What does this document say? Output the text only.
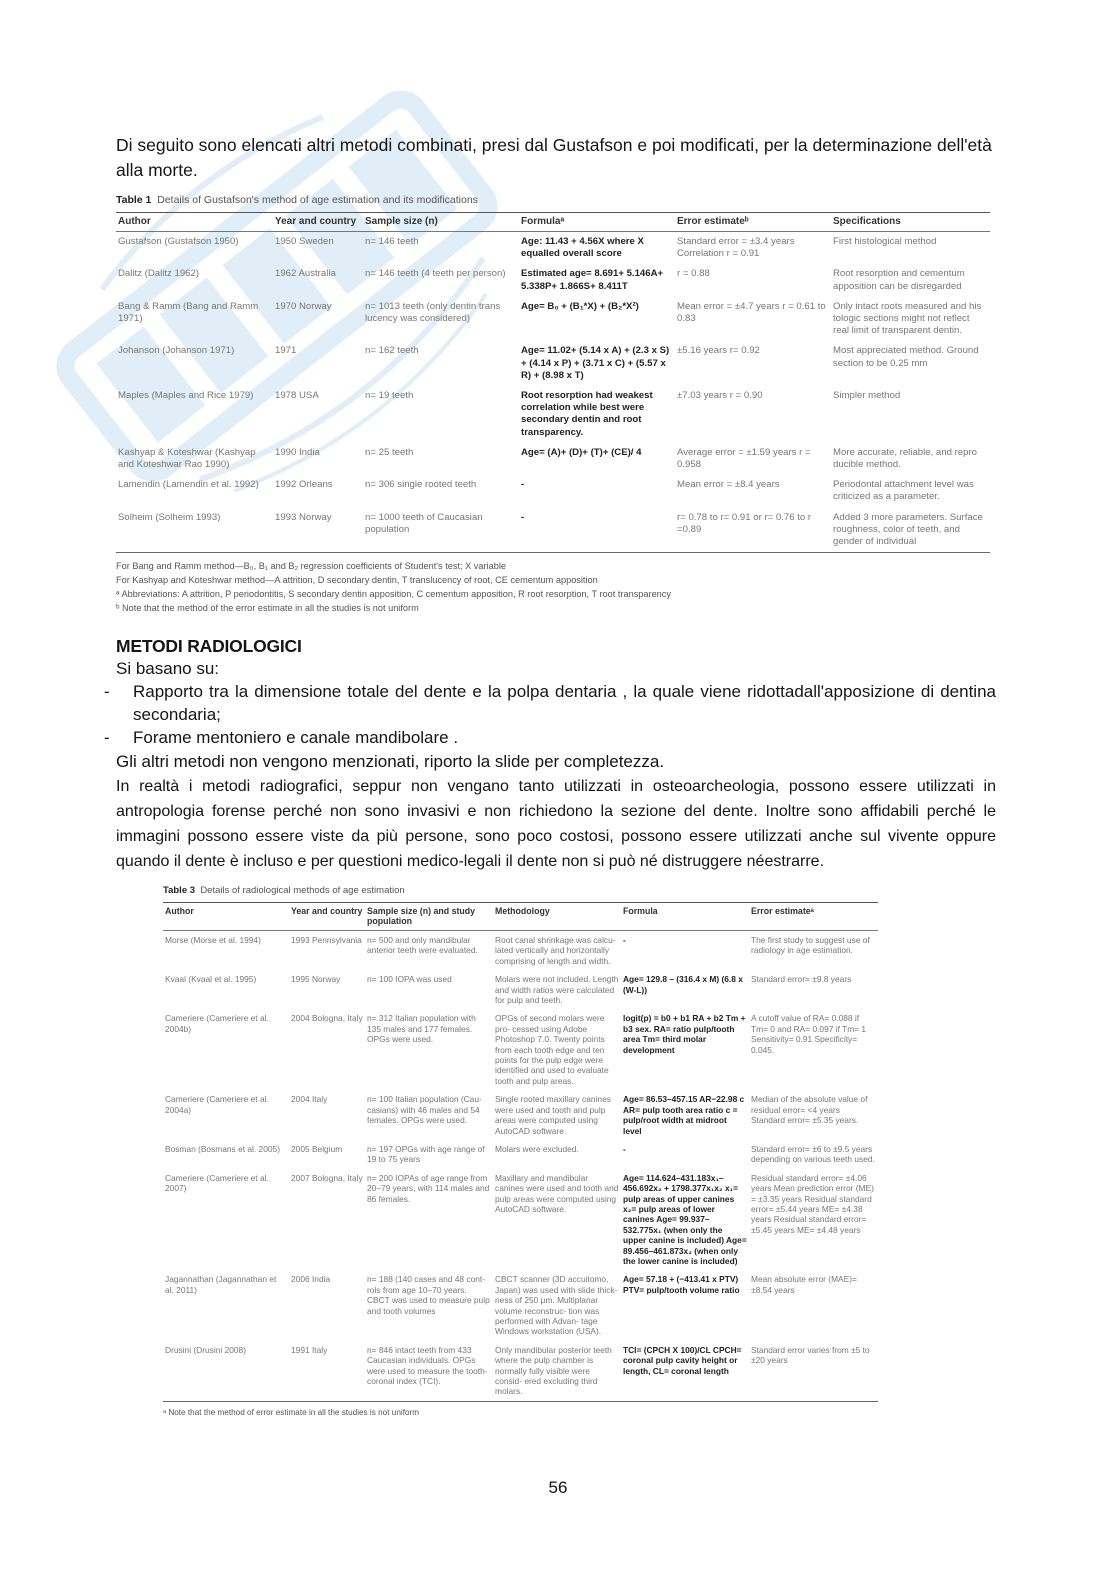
Di seguito sono elencati altri metodi combinati, presi dal Gustafson e poi modificati, per la determinazione dell'età alla morte.
Table 1 Details of Gustafson's method of age estimation and its modifications
Author	Year and country	Sample size (n)	Formulaᵃ	Error estimateᵇ	Specifications
Gustafson (Gustafson 1950)	1950 Sweden	n= 146 teeth	Age: 11.43 + 4.56X where X equalled overall score	Standard error = ±3.4 years Correlation r = 0.91	First histological method
Dalitz (Dalitz 1962)	1962 Australia	n= 146 teeth (4 teeth per person)	Estimated age= 8.691+ 5.146A+ 5.338P+ 1.866S+ 8.411T	r = 0.88	Root resorption and cementum apposition can be disregarded
Bang & Ramm (Bang and Ramm 1971)	1970 Norway	n= 1013 teeth (only dentin trans lucency was considered)	Age= B₀ + (B₁*X) + (B₂*X²)	Mean error = ±4.7 years r = 0.61 to 0.83	Only intact roots measured and his tologic sections might not reflect real limit of transparent dentin.
Johanson (Johanson 1971)	1971	n= 162 teeth	Age= 11.02+ (5.14 x A) + (2.3 x S) + (4.14 x P) + (3.71 x C) + (5.57 x R) + (8.98 x T)	±5.16 years r= 0.92	Most appreciated method. Ground section to be 0.25 mm
Maples (Maples and Rice 1979)	1978 USA	n= 19 teeth	Root resorption had weakest correlation while best were secondary dentin and root transparency.	±7.03 years r = 0.90	Simpler method
Kashyap & Koteshwar (Kashyap and Koteshwar Rao 1990)	1990 India	n= 25 teeth	Age= (A)+ (D)+ (T)+ (CE)/ 4	Average error = ±1.59 years r = 0.958	More accurate, reliable, and repro ducible method.
Lamendin (Lamendin et al. 1992)	1992 Orleans	n= 306 single rooted teeth	-	Mean error = ±8.4 years	Periodontal attachment level was criticized as a parameter.
Solheim (Solheim 1993)	1993 Norway	n= 1000 teeth of Caucasian population	-	r= 0.78 to r= 0.91 or r= 0.76 to r =0.89	Added 3 more parameters. Surface roughness, color of teeth, and gender of individual
For Bang and Ramm method—B₀, B₁ and B₂ regression coefficients of Student's test; X variable
For Kashyap and Koteshwar method—A attrition, D secondary dentin, T translucency of root, CE cementum apposition
ᵃ Abbreviations: A attrition, P periodontitis, S secondary dentin apposition, C cementum apposition, R root resorption, T root transparency
ᵇ Note that the method of the error estimate in all the studies is not uniform
METODI RADIOLOGICI
Si basano su:
- Rapporto tra la dimensione totale del dente e la polpa dentaria , la quale viene ridottadall'apposizione di dentina secondaria;
- Forame mentoniero e canale mandibolare .

Gli altri metodi non vengono menzionati, riporto la slide per completezza.

In realtà i metodi radiografici, seppur non vengano tanto utilizzati in osteoarcheologia, possono essere utilizzati in antropologia forense perché non sono invasivi e non richiedono la sezione del dente. Inoltre sono affidabili perché le immagini possono essere viste da più persone, sono poco costosi, possono essere utilizzati anche sul vivente oppure quando il dente è incluso e per questioni medico-legali il dente non si può né distruggere néestrarre.

Table 3 Details of radiological methods of age estimation
Author	Year and country	Sample size (n) and study population	Methodology	Formula	Error estimateᵃ
Morse (Morse et al. 1994)	1993 Pennsylvania	n= 500 and only mandibular anterior teeth were evaluated.	Root canal shrinkage was calcu- lated vertically and horizontally comprising of length and width.	-	The first study to suggest use of radiology in age estimation.
Kvaal (Kvaal et al. 1995)	1995 Norway	n= 100 IOPA was used	Molars were not included. Length and width ratios were calculated for pulp and teeth.	Age= 129.8 – (316.4 x M) (6.8 x (W-L))	Standard error= ±9.8 years
Cameriere (Cameriere et al. 2004b)	2004 Bologna, Italy	n= 312 Italian population with 135 males and 177 females. OPGs were used.	OPGs of second molars were pro- cessed using Adobe Photoshop 7.0. Twenty points from each tooth edge and ten points for the pulp edge were identified and used to evaluate tooth and pulp areas.	logit(p) = b0 + b1 RA + b2 Tm + b3 sex. RA= ratio pulp/tooth area Tm= third molar development	A cutoff value of RA= 0.088 if Tm= 0 and RA= 0.097 if Tm= 1 Sensitivity= 0.91 Specificity= 0.045.
Cameriere (Cameriere et al. 2004a)	2004 Italy	n= 100 Italian population (Cau- casians) with 46 males and 54 females. OPGs were used.	Single rooted maxillary canines were used and tooth and pulp areas were computed using AutoCAD software.	Age= 86.53–457.15 AR−22.98 c AR= pulp tooth area ratio c = pulp/root width at midroot level	Median of the absolute value of residual error= <4 years Standard error= ±5.35 years.
Bosman (Bosmans et al. 2005)	2005 Belgium	n= 197 OPGs with age range of 19 to 75 years	Molars were excluded.	-	Standard error= ±6 to ±9.5 years depending on various teeth used.
Cameriere (Cameriere et al. 2007)	2007 Bologna, Italy	n= 200 IOPAs of age range from 20–79 years, with 114 males and 86 females.	Maxillary and mandibular canines were used and tooth and pulp areas were computed using AutoCAD software.	Age= 114.624–431.183x₁– 456.692x₂ + 1798.377x₁x₂ x₁= pulp areas of upper canines x₂= pulp areas of lower canines Age= 99.937–532.775x₁ (when only the upper canine is included) Age= 89.456–461.873x₂ (when only the lower canine is included)	Residual standard error= ±4.06 years Mean prediction error (ME) = ±3.35 years Residual standard error= ±5.44 years ME= ±4.38 years Residual standard error= ±5.45 years ME= ±4.48 years
Jagannathan (Jagannathan et al. 2011)	2006 India	n= 188 (140 cases and 48 cont- rols from age 10–70 years. CBCT was used to measure pulp and tooth volumes	CBCT scanner (3D accuitomo, Japan) was used with slide thick- ness of 250 µm. Multiplanar volume reconstruc- tion was performed with Advan- tage Windows workstation (USA).	Age= 57.18 + (−413.41 x PTV) PTV= pulp/tooth volume ratio	Mean absolute error (MAE)= ±8.54 years
Drusini (Drusini 2008)	1991 Italy	n= 846 intact teeth from 433 Caucasian individuals. OPGs were used to measure the tooth-coronal index (TCI).	Only mandibular posterior teeth where the pulp chamber is normally fully visible were consid- ered excluding third molars.	TCI= (CPCH X 100)/CL CPCH= coronal pulp cavity height or length, CL= coronal length	Standard error varies from ±5 to ±20 years
ᵃ Note that the method of error estimate in all the studies is not uniform
56
